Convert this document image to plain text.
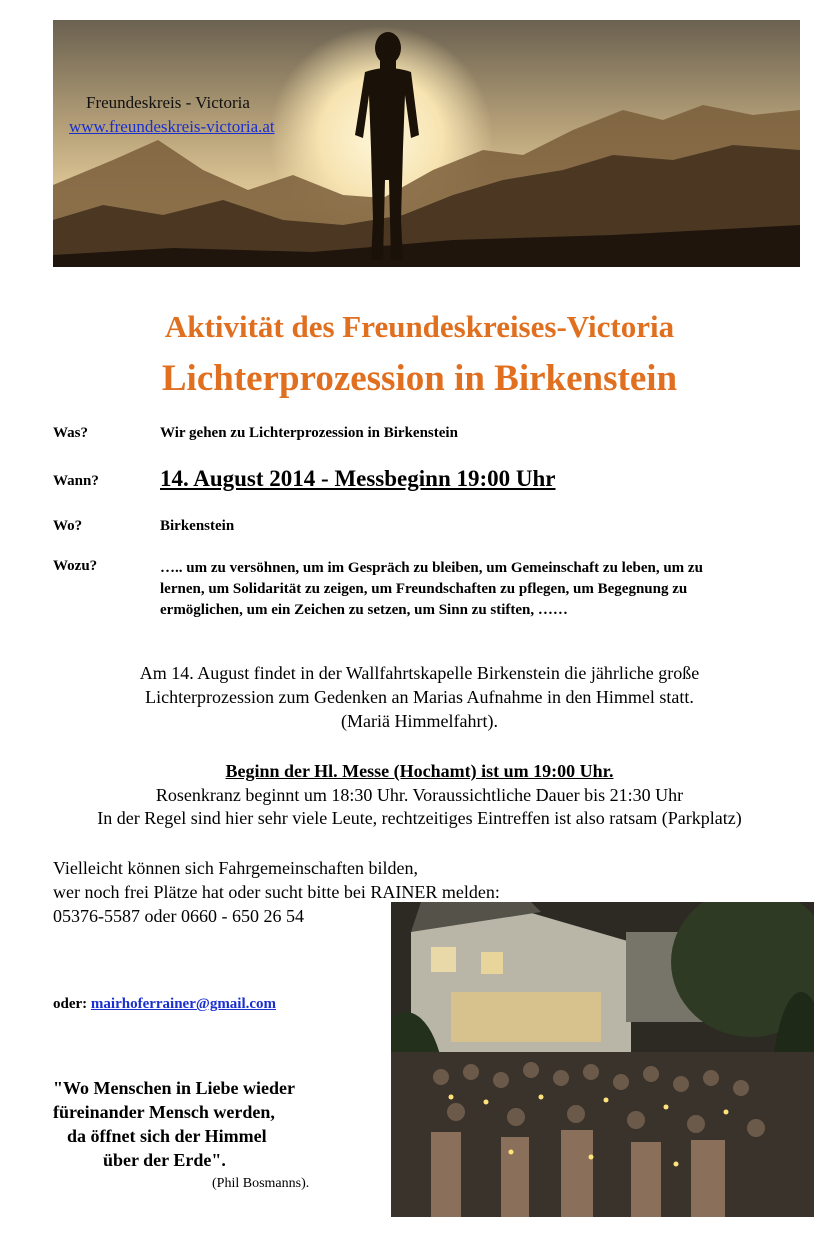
Freundeskreis - Victoria
www.freundeskreis-victoria.at
Aktivität des Freundeskreises-Victoria
Lichterprozession in Birkenstein
Was?	Wir gehen zu Lichterprozession in Birkenstein
Wann?	14. August 2014 - Messbeginn 19:00 Uhr
Wo?	Birkenstein
Wozu?	….. um zu versöhnen, um im Gespräch zu bleiben, um Gemeinschaft zu leben, um zu lernen, um Solidarität zu zeigen, um Freundschaften zu pflegen, um Begegnung zu ermöglichen, um ein Zeichen zu setzen, um Sinn zu stiften, ……
Am 14. August findet in der Wallfahrtskapelle Birkenstein die jährliche große
Lichterprozession zum Gedenken an Marias Aufnahme in den Himmel statt.
(Mariä Himmelfahrt).
Beginn der Hl. Messe (Hochamt) ist um 19:00 Uhr.
Rosenkranz beginnt um 18:30 Uhr. Voraussichtliche Dauer bis 21:30 Uhr
In der Regel sind hier sehr viele Leute, rechtzeitiges Eintreffen ist also ratsam (Parkplatz)
Vielleicht können sich Fahrgemeinschaften bilden,
wer noch frei Plätze hat oder sucht bitte bei RAINER melden:
05376-5587 oder 0660 - 650 26 54
oder: mairhoferrainer@gmail.com
"Wo Menschen in Liebe wieder
füreinander Mensch werden,
da öffnet sich der Himmel
über der Erde".
(Phil Bosmanns).
